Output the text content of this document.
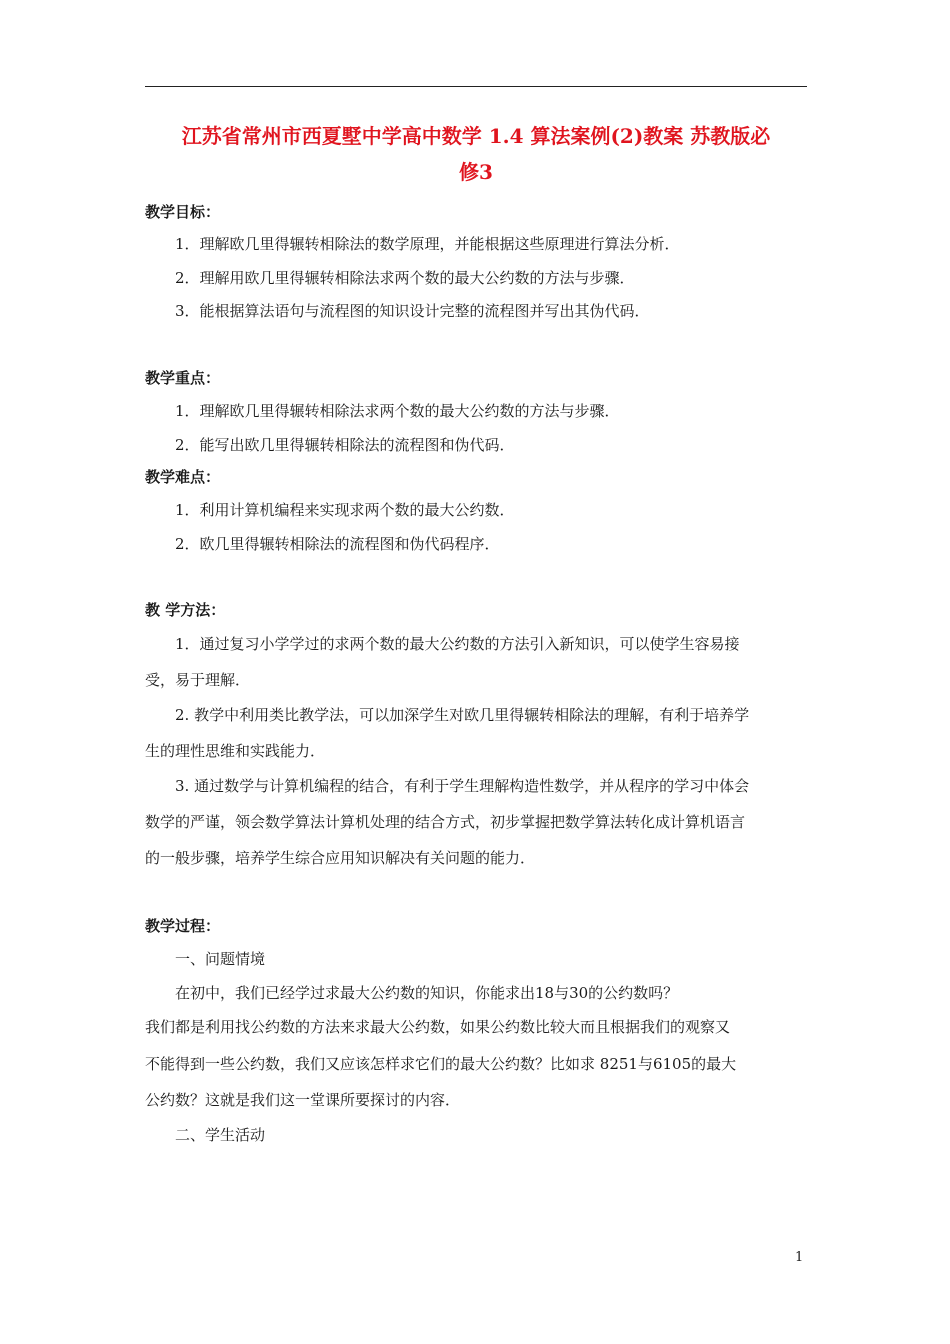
江苏省常州市西夏墅中学高中数学 1.4 算法案例(2)教案 苏教版必
修3
教学目标：
1．理解欧几里得辗转相除法的数学原理，并能根据这些原理进行算法分析．
2．理解用欧几里得辗转相除法求两个数的最大公约数的方法与步骤．
3．能根据算法语句与流程图的知识设计完整的流程图并写出其伪代码．
教学重点：
1．理解欧几里得辗转相除法求两个数的最大公约数的方法与步骤．
2．能写出欧几里得辗转相除法的流程图和伪代码．
教学难点：
1．利用计算机编程来实现求两个数的最大公约数．
2．欧几里得辗转相除法的流程图和伪代码程序．
教 学方法：
1．通过复习小学学过的求两个数的最大公约数的方法引入新知识，可以使学生容易接
受，易于理解．
2. 教学中利用类比教学法，可以加深学生对欧几里得辗转相除法的理解，有利于培养学
生的理性思维和实践能力．
3. 通过数学与计算机编程的结合，有利于学生理解构造性数学，并从程序的学习中体会
数学的严谨，领会数学算法计算机处理的结合方式，初步掌握把数学算法转化成计算机语言
的一般步骤，培养学生综合应用知识解决有关问题的能力．
教学过程：
一、问题情境
在初中，我们已经学过求最大公约数的知识，你能求出18与30的公约数吗？
我们都是利用找公约数的方法来求最大公约数，如果公约数比较大而且根据我们的观察又
不能得到一些公约数，我们又应该怎样求它们的最大公约数？比如求 8251与6105的最大
公约数？这就是我们这一堂课所要探讨的内容．
二、学生活动
1
